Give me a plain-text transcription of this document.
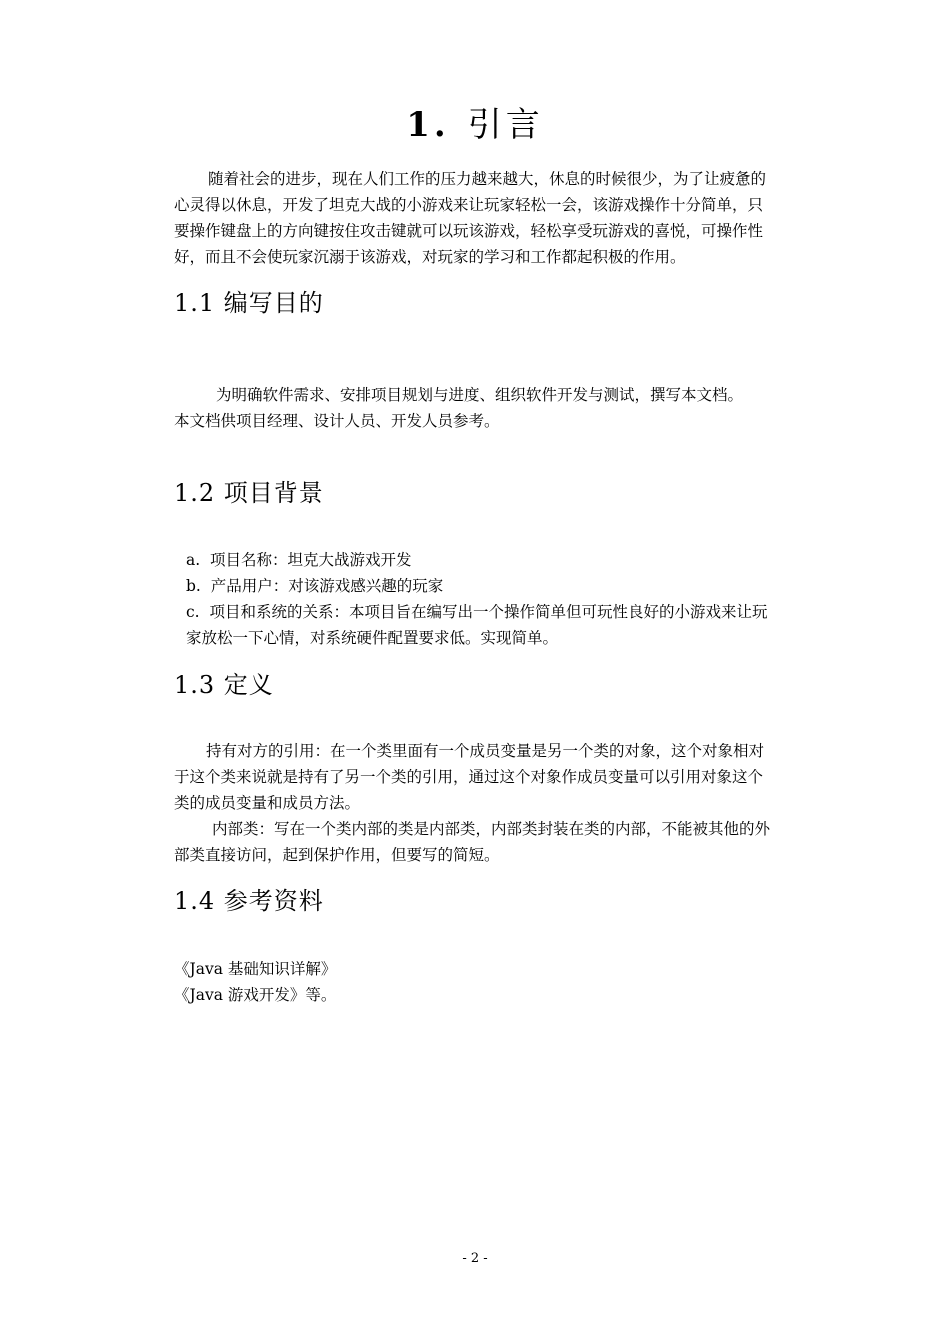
1. 引言
随着社会的进步，现在人们工作的压力越来越大，休息的时候很少，为了让疲惫的
心灵得以休息，开发了坦克大战的小游戏来让玩家轻松一会，该游戏操作十分简单，只
要操作键盘上的方向键按住攻击键就可以玩该游戏，轻松享受玩游戏的喜悦，可操作性
好，而且不会使玩家沉溺于该游戏，对玩家的学习和工作都起积极的作用。
1.1 编写目的
为明确软件需求、安排项目规划与进度、组织软件开发与测试，撰写本文档。
本文档供项目经理、设计人员、开发人员参考。
1.2 项目背景
a. 项目名称：坦克大战游戏开发
b. 产品用户：对该游戏感兴趣的玩家
c. 项目和系统的关系：本项目旨在编写出一个操作简单但可玩性良好的小游戏来让玩
家放松一下心情，对系统硬件配置要求低。实现简单。
1.3 定义
持有对方的引用：在一个类里面有一个成员变量是另一个类的对象，这个对象相对
于这个类来说就是持有了另一个类的引用，通过这个对象作成员变量可以引用对象这个
类的成员变量和成员方法。
内部类：写在一个类内部的类是内部类，内部类封装在类的内部，不能被其他的外
部类直接访问，起到保护作用，但要写的简短。
1.4 参考资料
《Java 基础知识详解》
《Java 游戏开发》等。
- 2 -
